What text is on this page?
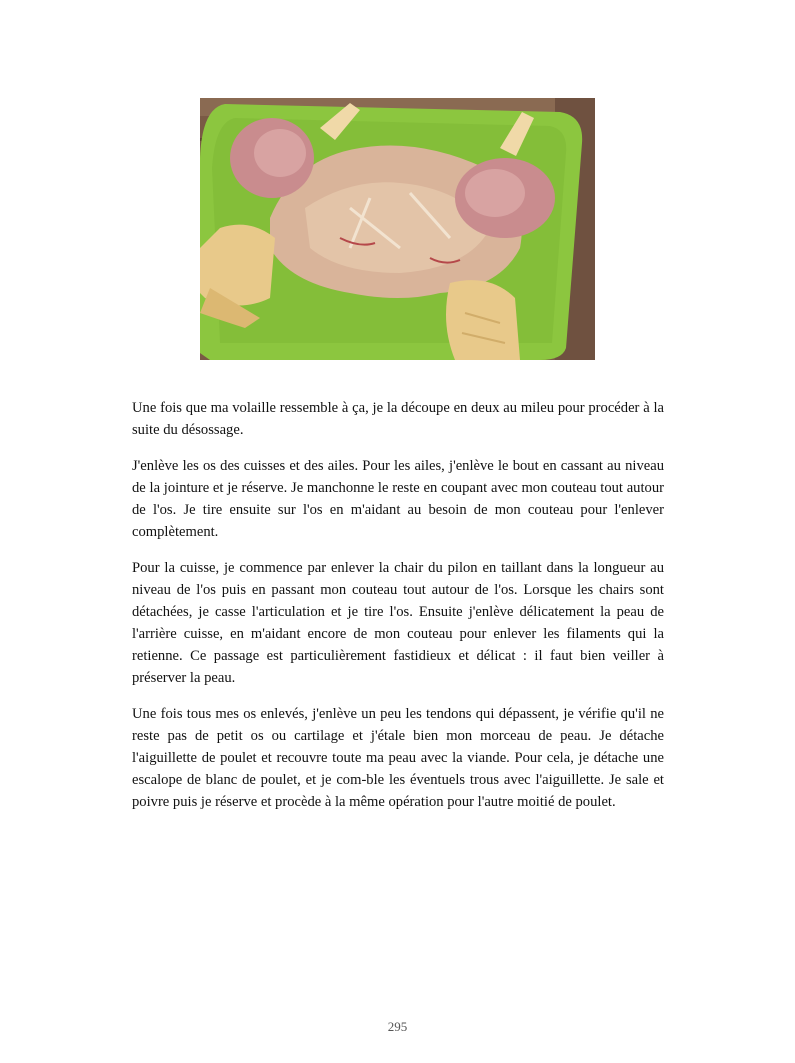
Une fois que ma volaille ressemble à ça, je la découpe en deux au mileu pour procéder à la suite du désossage.

J'enlève les os des cuisses et des ailes. Pour les ailes, j'enlève le bout en cassant au niveau de la jointure et je réserve. Je manchonne le reste en coupant avec mon couteau tout autour de l'os. Je tire ensuite sur l'os en m'aidant au besoin de mon couteau pour l'enlever complètement.

Pour la cuisse, je commence par enlever la chair du pilon en taillant dans la longueur au niveau de l'os puis en passant mon couteau tout autour de l'os. Lorsque les chairs sont détachées, je casse l'articulation et je tire l'os. Ensuite j'enlève délicatement la peau de l'arrière cuisse, en m'aidant encore de mon couteau pour enlever les filaments qui la retienne. Ce passage est particulièrement fastidieux et délicat : il faut bien veiller à préserver la peau.

Une fois tous mes os enlevés, j'enlève un peu les tendons qui dépassent, je vérifie qu'il ne reste pas de petit os ou cartilage et j'étale bien mon morceau de peau. Je détache l'aiguillette de poulet et recouvre toute ma peau avec la viande. Pour cela, je détache une escalope de blanc de poulet, et je com-ble les éventuels trous avec l'aiguillette. Je sale et poivre puis je réserve et procède à la même opération pour l'autre moitié de poulet.

295
